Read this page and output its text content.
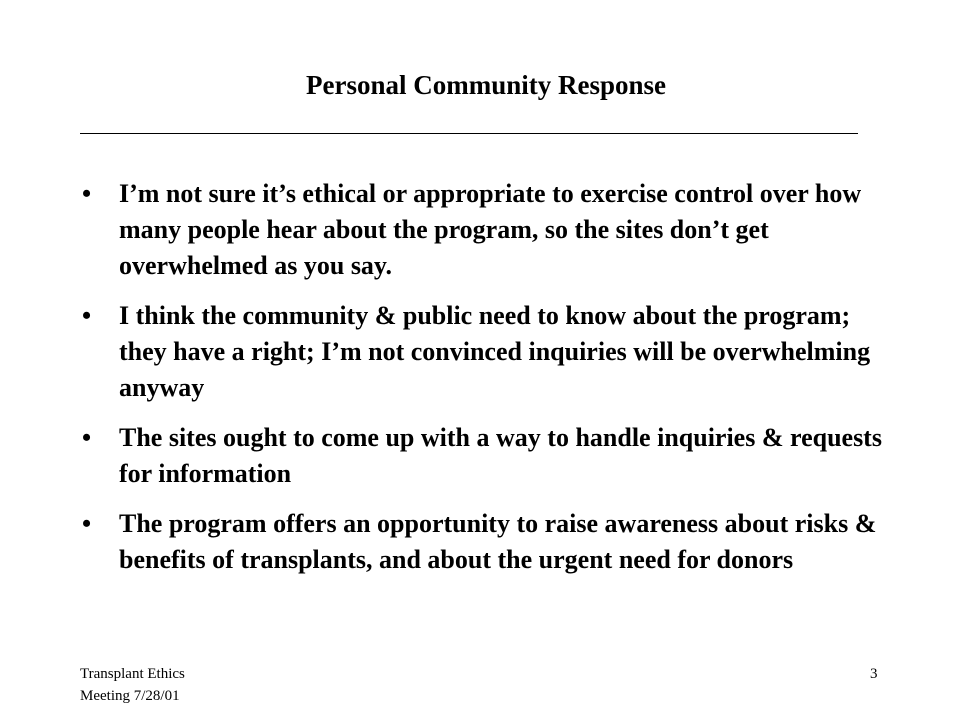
Personal Community Response
• I’m not sure it’s ethical or appropriate to exercise control over how many people hear about the program, so the sites don’t get overwhelmed as you say.
• I think the community & public need to know about the program; they have a right; I’m not convinced inquiries will be overwhelming anyway
• The sites ought to come up with a way to handle inquiries & requests for information
• The program offers an opportunity to raise awareness about risks & benefits of transplants, and about the urgent need for donors
Transplant Ethics
Meeting 7/28/01
3
